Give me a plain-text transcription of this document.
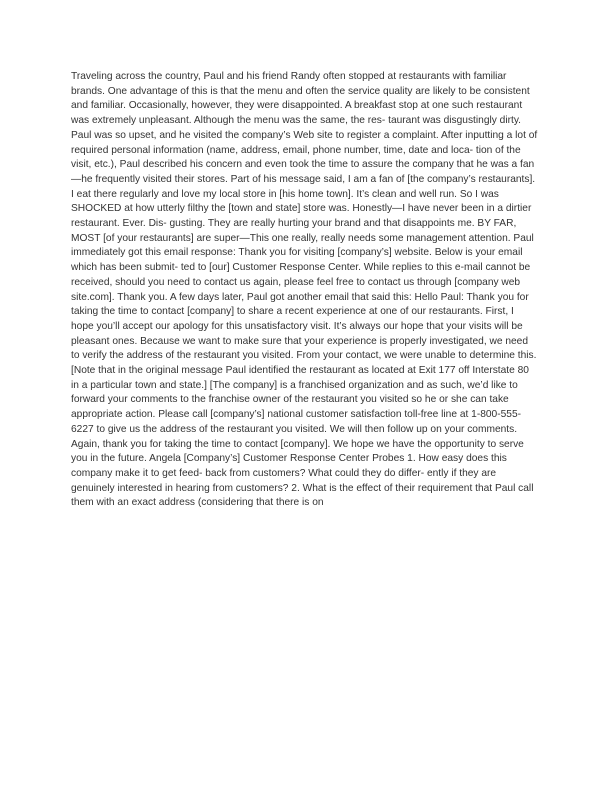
Traveling across the country, Paul and his friend Randy often stopped at restaurants with familiar brands. One advantage of this is that the menu and often the service quality are likely to be consistent and familiar. Occasionally, however, they were disappointed. A breakfast stop at one such restaurant was extremely unpleasant. Although the menu was the same, the res- taurant was disgustingly dirty. Paul was so upset, and he visited the company’s Web site to register a complaint. After inputting a lot of required personal information (name, address, email, phone number, time, date and loca- tion of the visit, etc.), Paul described his concern and even took the time to assure the company that he was a fan—he frequently visited their stores. Part of his message said, I am a fan of [the company’s restaurants]. I eat there regularly and love my local store in [his home town]. It’s clean and well run. So I was SHOCKED at how utterly filthy the [town and state] store was. Honestly—I have never been in a dirtier restaurant. Ever. Dis- gusting. They are really hurting your brand and that disappoints me. BY FAR, MOST [of your restaurants] are super—This one really, really needs some management attention. Paul immediately got this email response: Thank you for visiting [company’s] website. Below is your email which has been submit- ted to [our] Customer Response Center. While replies to this e-mail cannot be received, should you need to contact us again, please feel free to contact us through [company web site.com]. Thank you. A few days later, Paul got another email that said this: Hello Paul: Thank you for taking the time to contact [company] to share a recent experience at one of our restaurants. First, I hope you’ll accept our apology for this unsatisfactory visit. It’s always our hope that your visits will be pleasant ones. Because we want to make sure that your experience is properly investigated, we need to verify the address of the restaurant you visited. From your contact, we were unable to determine this. [Note that in the original message Paul identified the restaurant as located at Exit 177 off Interstate 80 in a particular town and state.] [The company] is a franchised organization and as such, we’d like to forward your comments to the franchise owner of the restaurant you visited so he or she can take appropriate action. Please call [company’s] national customer satisfaction toll-free line at 1-800-555-6227 to give us the address of the restaurant you visited. We will then follow up on your comments. Again, thank you for taking the time to contact [company]. We hope we have the opportunity to serve you in the future. Angela [Company’s] Customer Response Center Probes 1. How easy does this company make it to get feed- back from customers? What could they do differ- ently if they are genuinely interested in hearing from customers? 2. What is the effect of their requirement that Paul call them with an exact address (considering that there is on
